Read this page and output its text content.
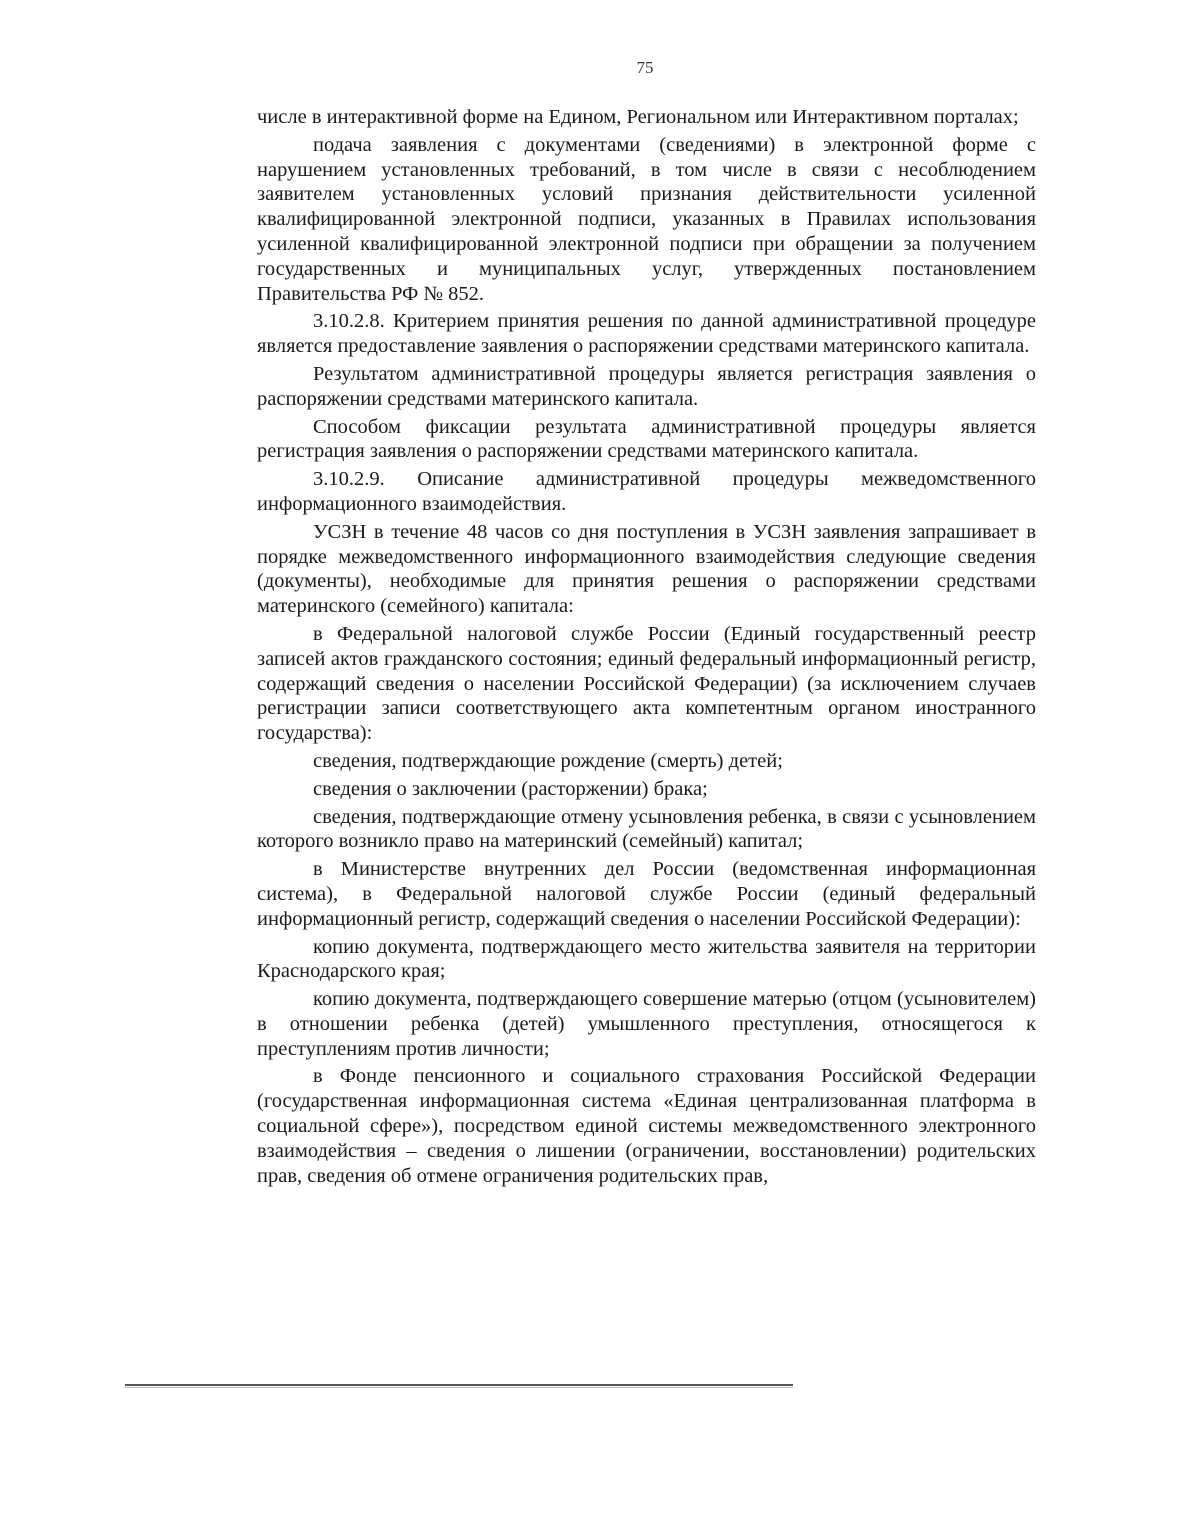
75

числе в интерактивной форме на Едином, Региональном или Интерактивном порталах;

подача заявления с документами (сведениями) в электронной форме с нарушением установленных требований, в том числе в связи с несоблюдением заявителем установленных условий признания действительности усиленной квалифицированной электронной подписи, указанных в Правилах использования усиленной квалифицированной электронной подписи при обращении за получением государственных и муниципальных услуг, утвержденных постановлением Правительства РФ № 852.

3.10.2.8. Критерием принятия решения по данной административной процедуре является предоставление заявления о распоряжении средствами материнского капитала.

Результатом административной процедуры является регистрация заявления о распоряжении средствами материнского капитала.

Способом фиксации результата административной процедуры является регистрация заявления о распоряжении средствами материнского капитала.

3.10.2.9. Описание административной процедуры межведомственного информационного взаимодействия.

УСЗН в течение 48 часов со дня поступления в УСЗН заявления запрашивает в порядке межведомственного информационного взаимодействия следующие сведения (документы), необходимые для принятия решения о распоряжении средствами материнского (семейного) капитала:

в Федеральной налоговой службе России (Единый государственный реестр записей актов гражданского состояния; единый федеральный информационный регистр, содержащий сведения о населении Российской Федерации) (за исключением случаев регистрации записи соответствующего акта компетентным органом иностранного государства):

сведения, подтверждающие рождение (смерть) детей;

сведения о заключении (расторжении) брака;

сведения, подтверждающие отмену усыновления ребенка, в связи с усыновлением которого возникло право на материнский (семейный) капитал;

в Министерстве внутренних дел России (ведомственная информационная система), в Федеральной налоговой службе России (единый федеральный информационный регистр, содержащий сведения о населении Российской Федерации):

копию документа, подтверждающего место жительства заявителя на территории Краснодарского края;

копию документа, подтверждающего совершение матерью (отцом (усыновителем) в отношении ребенка (детей) умышленного преступления, относящегося к преступлениям против личности;

в Фонде пенсионного и социального страхования Российской Федерации (государственная информационная система «Единая централизованная платформа в социальной сфере»), посредством единой системы межведомственного электронного взаимодействия – сведения о лишении (ограничении, восстановлении) родительских прав, сведения об отмене ограничения родительских прав,
